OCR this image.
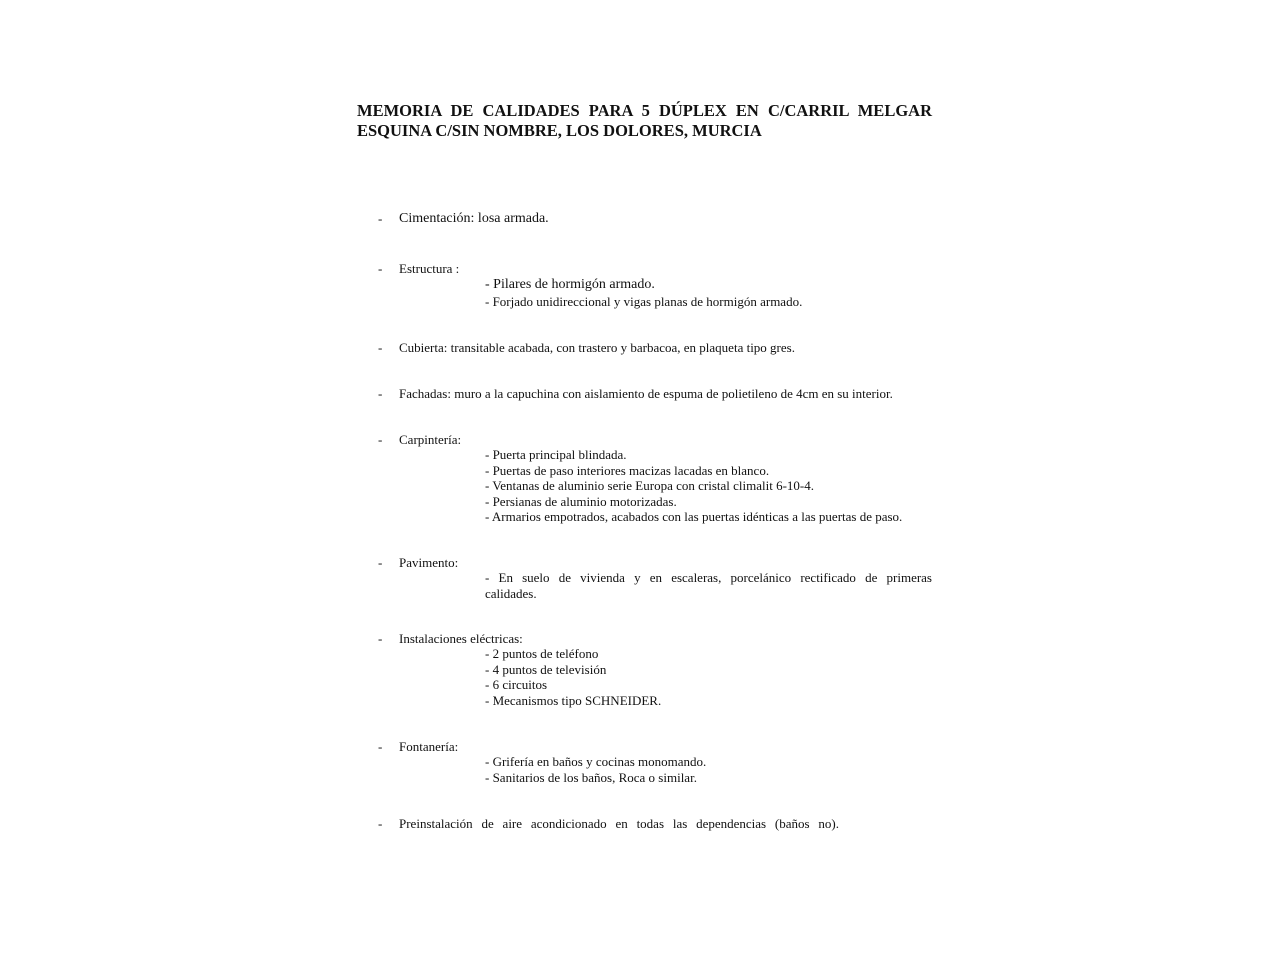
MEMORIA DE CALIDADES PARA 5 DÚPLEX EN C/CARRIL MELGAR
ESQUINA C/SIN NOMBRE, LOS DOLORES, MURCIA
- Cimentación: losa armada.
- Estructura :
- Pilares de hormigón armado.
- Forjado unidireccional y vigas planas de hormigón armado.
- Cubierta: transitable acabada, con trastero y barbacoa, en plaqueta tipo gres.
- Fachadas: muro a la capuchina con aislamiento de espuma de polietileno de 4cm en su interior.
- Carpintería:
- Puerta principal blindada.
- Puertas de paso interiores macizas lacadas en blanco.
- Ventanas de aluminio serie Europa con cristal climalit 6-10-4.
- Persianas de aluminio motorizadas.
- Armarios empotrados, acabados con las puertas idénticas a las puertas de paso.
- Pavimento:
- En suelo de vivienda y en escaleras, porcelánico rectificado de primeras
calidades.
- Instalaciones eléctricas:
- 2 puntos de teléfono
- 4 puntos de televisión
- 6 circuitos
- Mecanismos tipo SCHNEIDER.
- Fontanería:
- Grifería en baños y cocinas monomando.
- Sanitarios de los baños, Roca o similar.
- Preinstalación de aire acondicionado en todas las dependencias (baños no).
